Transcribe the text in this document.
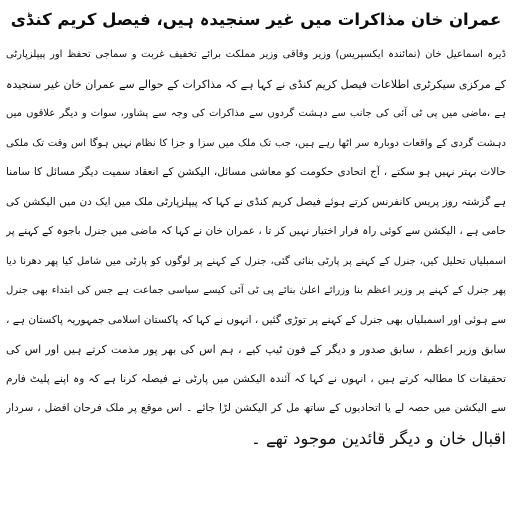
عمران خان مذاکرات میں غیر سنجیدہ ہیں، فیصل کریم کنڈی
ڈیرہ اسماعیل خان (نمائندہ ایکسپریس) وزیر وفاقی وزیر مملکت برائے تخفیف غربت و سماجی تحفظ اور پیپلزپارٹی
کے مرکزی سیکرٹری اطلاعات فیصل کریم کنڈی نے کہا ہے کہ مذاکرات کے حوالے سے عمران خان غیر سنجیدہ
ہے ،ماضی میں پی ٹی آئی کی جانب سے دہشت گردوں سے مذاکرات کی وجہ سے پشاور، سوات و دیگر علاقوں میں
دہشت گردی کے واقعات دوبارہ سر اٹھا رہے ہیں، جب تک ملک میں سزا و جزا کا نظام نہیں ہوگا اس وقت تک ملکی
حالات بہتر نہیں ہو سکتے ، آج اتحادی حکومت کو معاشی مسائل، الیکشن کے انعقاد سمیت دیگر مسائل کا سامنا
ہے گزشتہ روز پریس کانفرنس کرتے ہوئے فیصل کریم کنڈی نے کہا کہ پیپلزپارٹی ملک میں ایک دن میں الیکشن کی
حامی ہے ، الیکشن سے کوئی راہ فرار اختیار نہیں کر تا ، عمران خان نے کہا کہ ماضی میں جنرل باجوہ کے کہنے پر
اسمبلیاں تحلیل کیں، جنرل کے کہنے پر پارٹی بنائی گئی، جنرل کے کہنے پر لوگوں کو پارٹی میں شامل کیا پھر دھرنا دیا
پھر جنرل کے کہنے پر وزیر اعظم بنا وزرائے اعلیٰ بنائے پی ٹی آئی کیسے سیاسی جماعت ہے جس کی ابتداء بھی جنرل
سے ہوئی اور اسمبلیاں بھی جنرل کے کہنے پر توڑی گئیں ، انہوں نے کہا کہ پاکستان اسلامی جمہوریہ پاکستان ہے ،
سابق وزیر اعظم ، سابق صدور و دیگر کے فون ٹیپ کیے ، ہم اس کی بھر پور مذمت کرتے ہیں اور اس کی
تحقیقات کا مطالبہ کرتے ہیں ، انہوں نے کہا کہ آئندہ الیکشن میں پارٹی نے فیصلہ کرنا ہے کہ وہ اپنے پلیٹ فارم
سے الیکشن میں حصہ لے یا اتحادیوں کے ساتھ مل کر الیکشن لڑا جائے ۔ اس موقع پر ملک فرحان افضل ، سردار
اقبال خان و دیگر قائدین موجود تھے ۔
